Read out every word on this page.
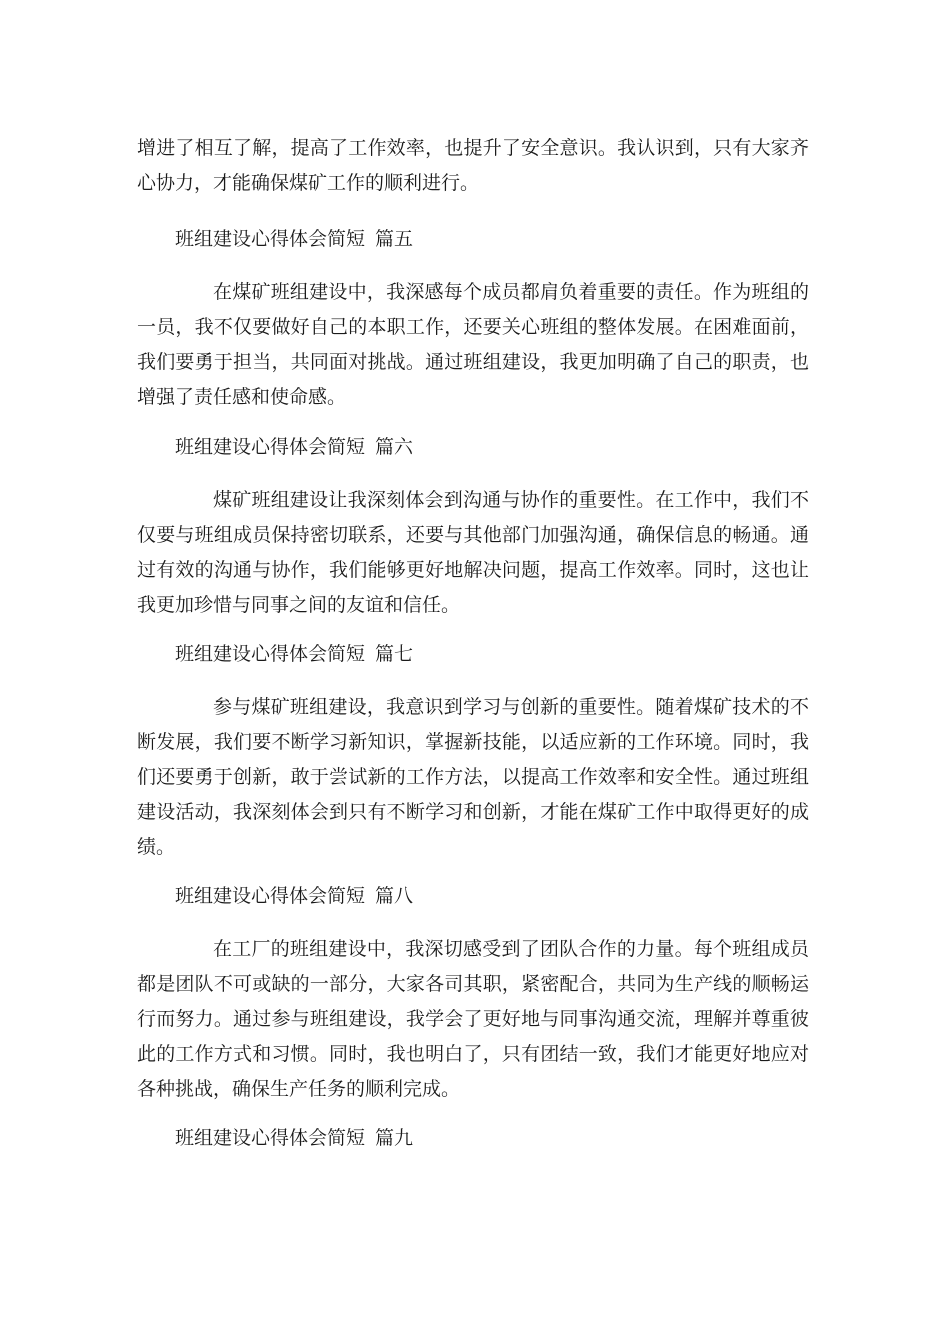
增进了相互了解，提高了工作效率，也提升了安全意识。我认识到，只有大家齐心协力，才能确保煤矿工作的顺利进行。
班组建设心得体会简短 篇五
在煤矿班组建设中，我深感每个成员都肩负着重要的责任。作为班组的一员，我不仅要做好自己的本职工作，还要关心班组的整体发展。在困难面前，我们要勇于担当，共同面对挑战。通过班组建设，我更加明确了自己的职责，也增强了责任感和使命感。
班组建设心得体会简短 篇六
煤矿班组建设让我深刻体会到沟通与协作的重要性。在工作中，我们不仅要与班组成员保持密切联系，还要与其他部门加强沟通，确保信息的畅通。通过有效的沟通与协作，我们能够更好地解决问题，提高工作效率。同时，这也让我更加珍惜与同事之间的友谊和信任。
班组建设心得体会简短 篇七
参与煤矿班组建设，我意识到学习与创新的重要性。随着煤矿技术的不断发展，我们要不断学习新知识，掌握新技能，以适应新的工作环境。同时，我们还要勇于创新，敢于尝试新的工作方法，以提高工作效率和安全性。通过班组建设活动，我深刻体会到只有不断学习和创新，才能在煤矿工作中取得更好的成绩。
班组建设心得体会简短 篇八
在工厂的班组建设中，我深切感受到了团队合作的力量。每个班组成员都是团队不可或缺的一部分，大家各司其职，紧密配合，共同为生产线的顺畅运行而努力。通过参与班组建设，我学会了更好地与同事沟通交流，理解并尊重彼此的工作方式和习惯。同时，我也明白了，只有团结一致，我们才能更好地应对各种挑战，确保生产任务的顺利完成。
班组建设心得体会简短 篇九
